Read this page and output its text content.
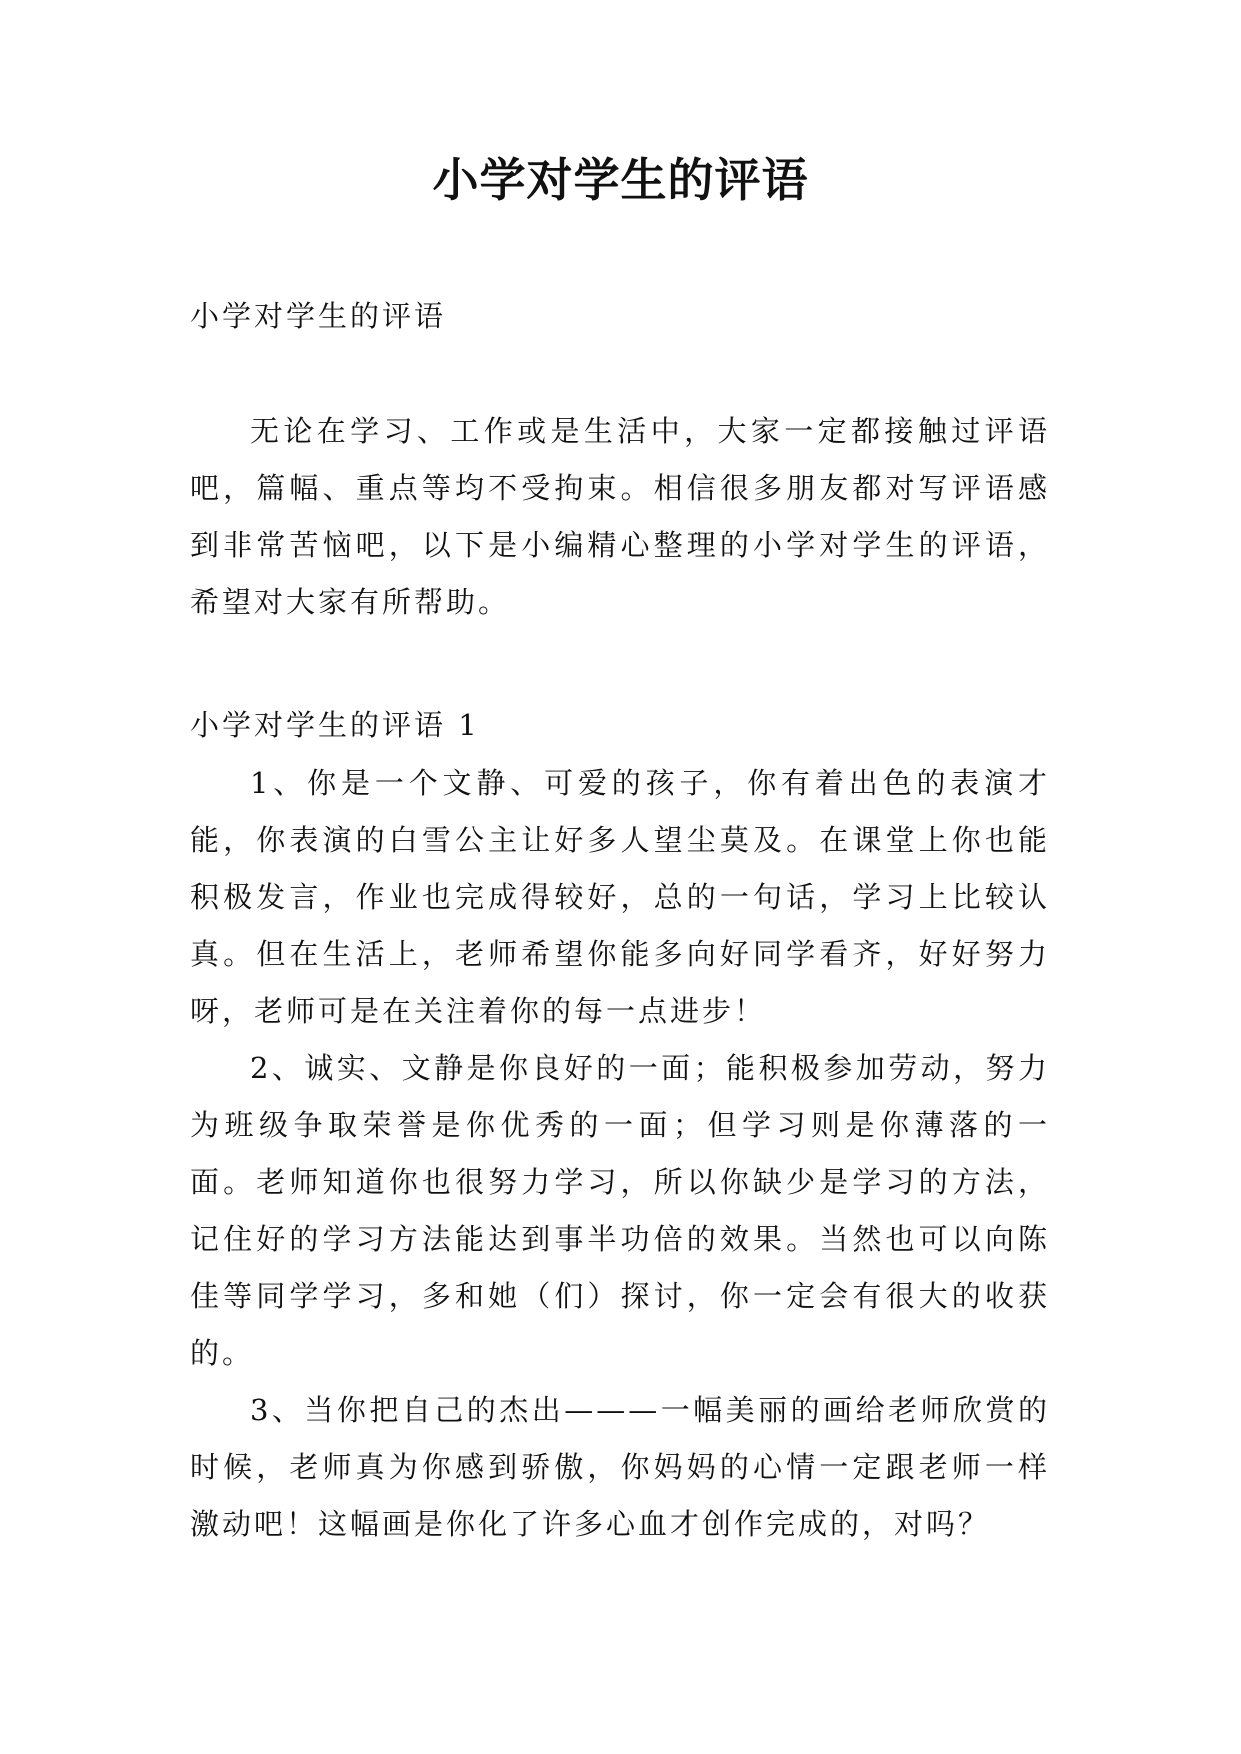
小学对学生的评语

小学对学生的评语

无论在学习、工作或是生活中，大家一定都接触过评语吧，篇幅、重点等均不受拘束。相信很多朋友都对写评语感到非常苦恼吧，以下是小编精心整理的小学对学生的评语，希望对大家有所帮助。

小学对学生的评语 1

1、你是一个文静、可爱的孩子，你有着出色的表演才能，你表演的白雪公主让好多人望尘莫及。在课堂上你也能积极发言，作业也完成得较好，总的一句话，学习上比较认真。但在生活上，老师希望你能多向好同学看齐，好好努力呀，老师可是在关注着你的每一点进步！

2、诚实、文静是你良好的一面；能积极参加劳动，努力为班级争取荣誉是你优秀的一面；但学习则是你薄落的一面。老师知道你也很努力学习，所以你缺少是学习的方法，记住好的学习方法能达到事半功倍的效果。当然也可以向陈佳等同学学习，多和她（们）探讨，你一定会有很大的收获的。

3、当你把自己的杰出———一幅美丽的画给老师欣赏的时候，老师真为你感到骄傲，你妈妈的心情一定跟老师一样激动吧！这幅画是你化了许多心血才创作完成的，对吗？
